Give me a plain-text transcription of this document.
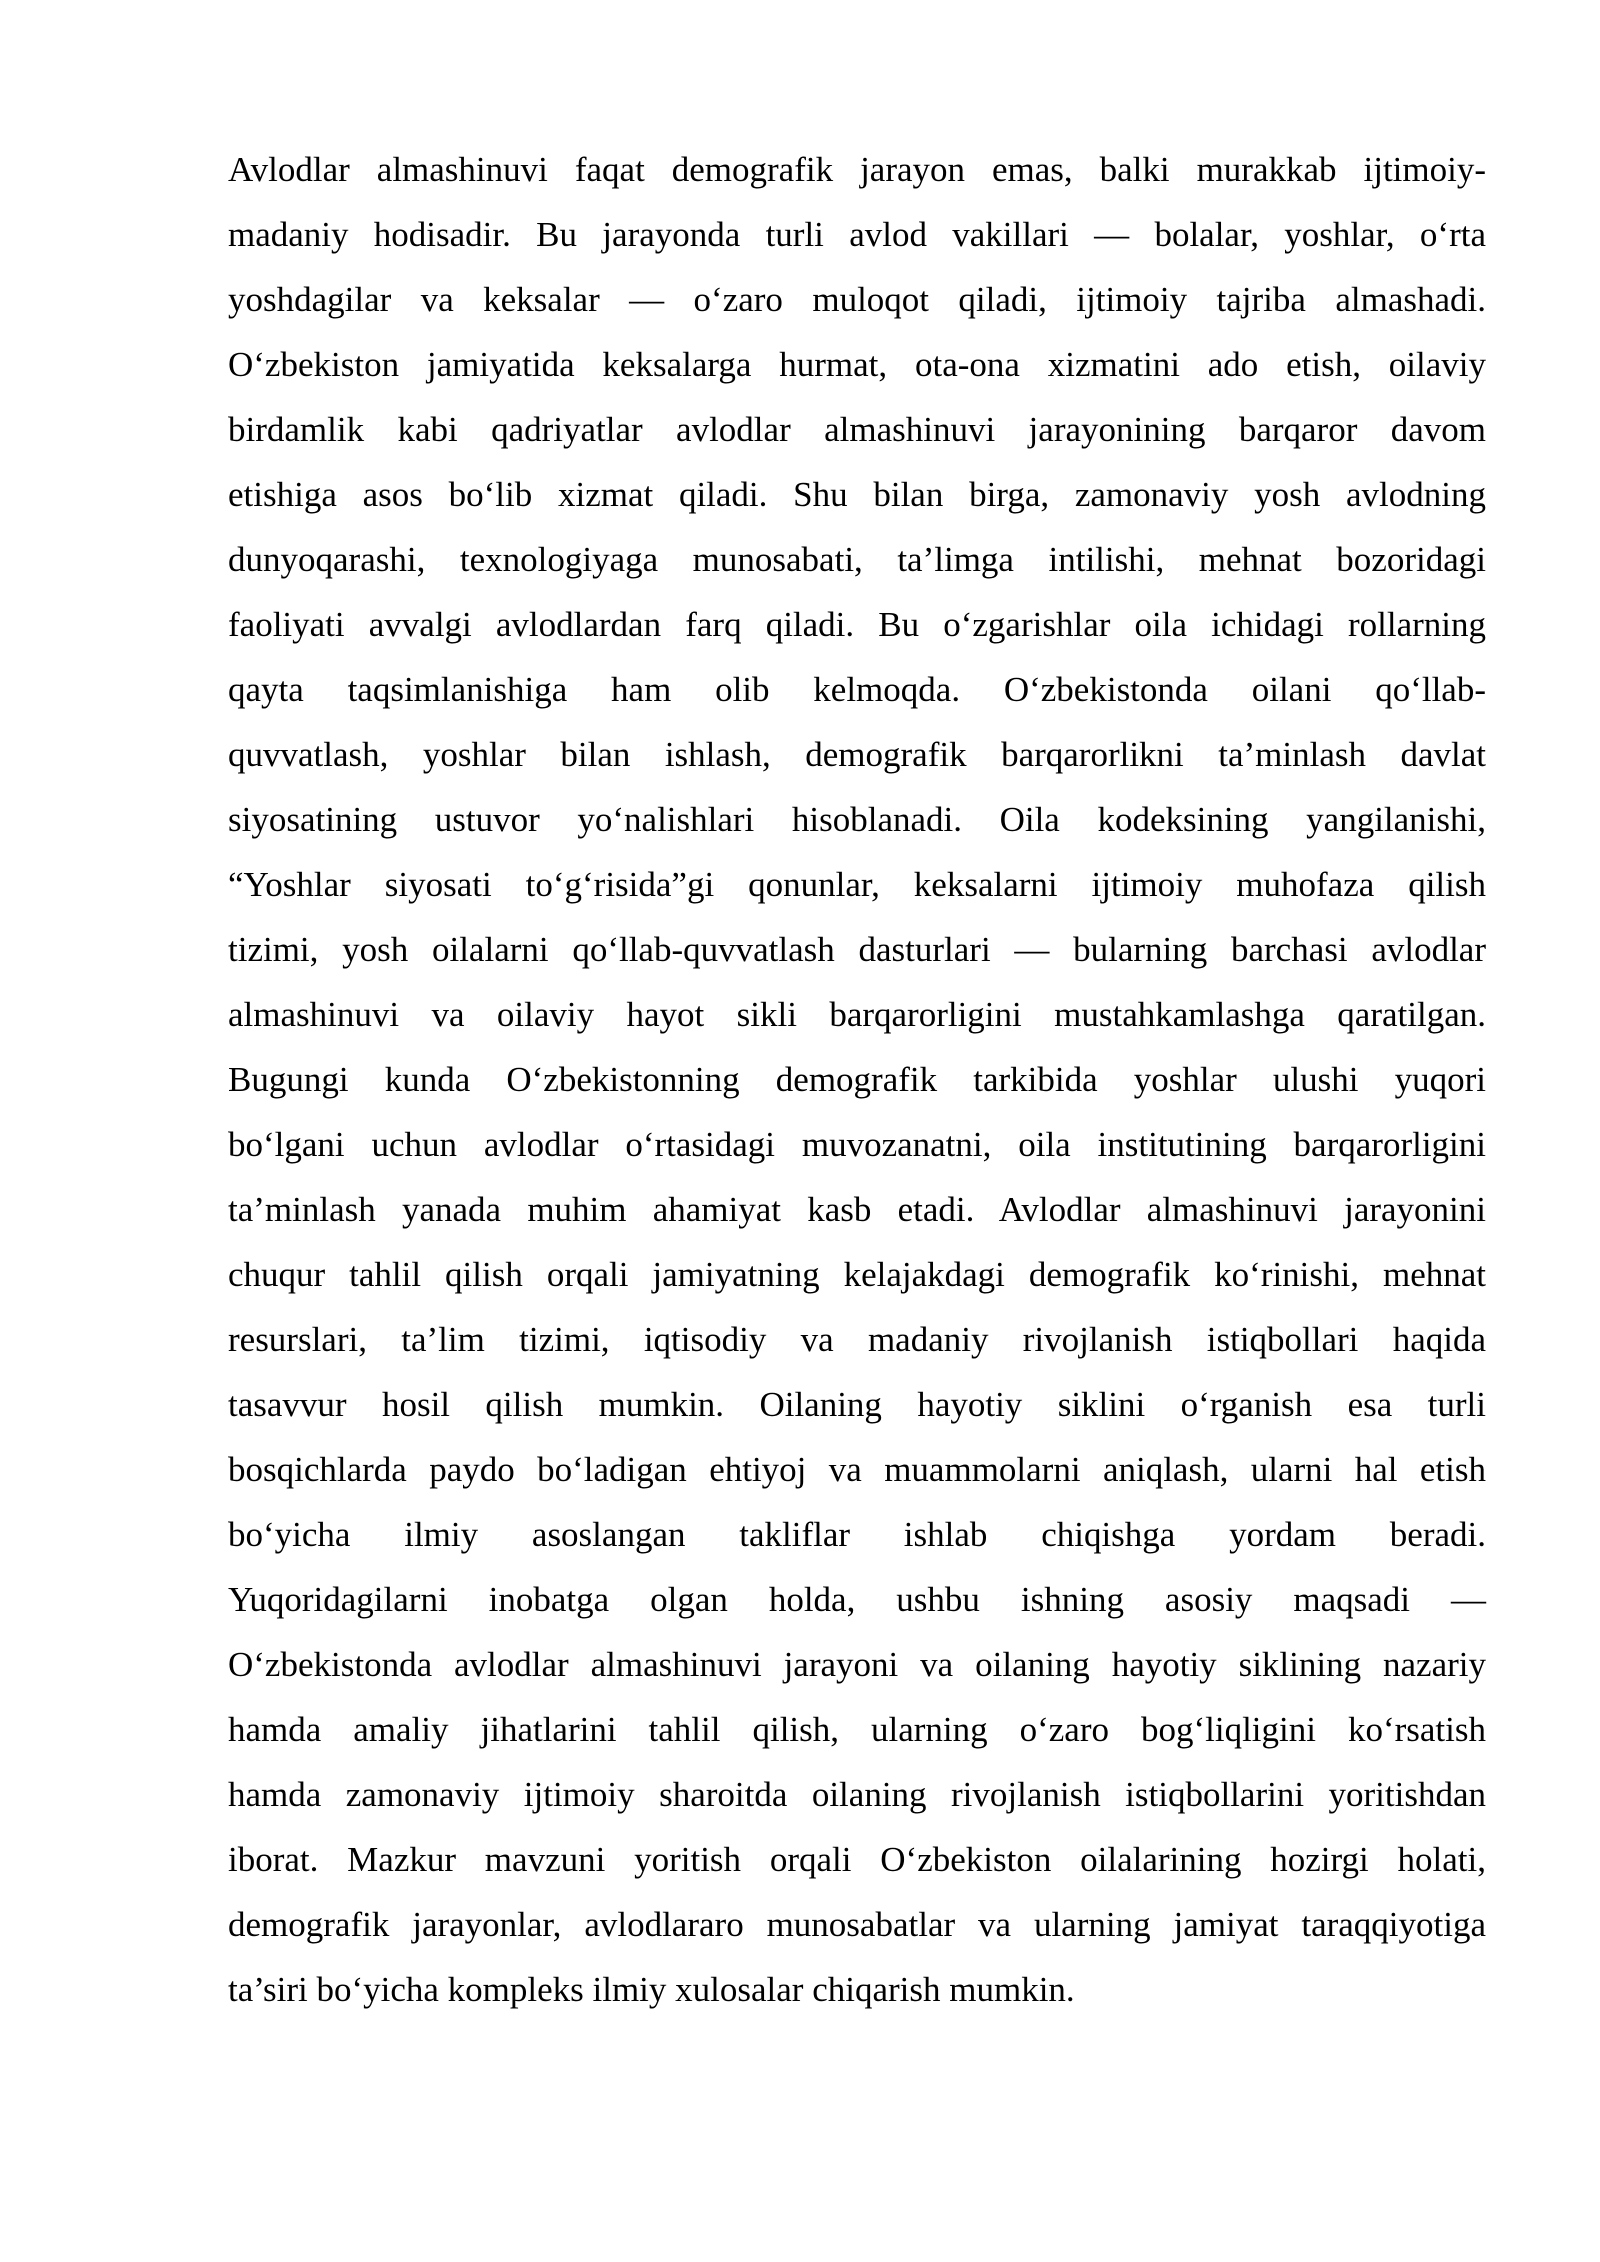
Avlodlar almashinuvi faqat demografik jarayon emas, balki murakkab ijtimoiy-
madaniy hodisadir. Bu jarayonda turli avlod vakillari — bolalar, yoshlar, o‘rta
yoshdagilar va keksalar — o‘zaro muloqot qiladi, ijtimoiy tajriba almashadi.
O‘zbekiston jamiyatida keksalarga hurmat, ota-ona xizmatini ado etish, oilaviy
birdamlik kabi qadriyatlar avlodlar almashinuvi jarayonining barqaror davom
etishiga asos bo‘lib xizmat qiladi. Shu bilan birga, zamonaviy yosh avlodning
dunyoqarashi, texnologiyaga munosabati, ta’limga intilishi, mehnat bozoridagi
faoliyati avvalgi avlodlardan farq qiladi. Bu o‘zgarishlar oila ichidagi rollarning
qayta taqsimlanishiga ham olib kelmoqda. O‘zbekistonda oilani qo‘llab-
quvvatlash, yoshlar bilan ishlash, demografik barqarorlikni ta’minlash davlat
siyosatining ustuvor yo‘nalishlari hisoblanadi. Oila kodeksining yangilanishi,
“Yoshlar siyosati to‘g‘risida”gi qonunlar, keksalarni ijtimoiy muhofaza qilish
tizimi, yosh oilalarni qo‘llab-quvvatlash dasturlari — bularning barchasi avlodlar
almashinuvi va oilaviy hayot sikli barqarorligini mustahkamlashga qaratilgan.
Bugungi kunda O‘zbekistonning demografik tarkibida yoshlar ulushi yuqori
bo‘lgani uchun avlodlar o‘rtasidagi muvozanatni, oila institutining barqarorligini
ta’minlash yanada muhim ahamiyat kasb etadi. Avlodlar almashinuvi jarayonini
chuqur tahlil qilish orqali jamiyatning kelajakdagi demografik ko‘rinishi, mehnat
resurslari, ta’lim tizimi, iqtisodiy va madaniy rivojlanish istiqbollari haqida
tasavvur hosil qilish mumkin. Oilaning hayotiy siklini o‘rganish esa turli
bosqichlarda paydo bo‘ladigan ehtiyoj va muammolarni aniqlash, ularni hal etish
bo‘yicha ilmiy asoslangan takliflar ishlab chiqishga yordam beradi.
Yuqoridagilarni inobatga olgan holda, ushbu ishning asosiy maqsadi —
O‘zbekistonda avlodlar almashinuvi jarayoni va oilaning hayotiy siklining nazariy
hamda amaliy jihatlarini tahlil qilish, ularning o‘zaro bog‘liqligini ko‘rsatish
hamda zamonaviy ijtimoiy sharoitda oilaning rivojlanish istiqbollarini yoritishdan
iborat. Mazkur mavzuni yoritish orqali O‘zbekiston oilalarining hozirgi holati,
demografik jarayonlar, avlodlararo munosabatlar va ularning jamiyat taraqqiyotiga
ta’siri bo‘yicha kompleks ilmiy xulosalar chiqarish mumkin.
